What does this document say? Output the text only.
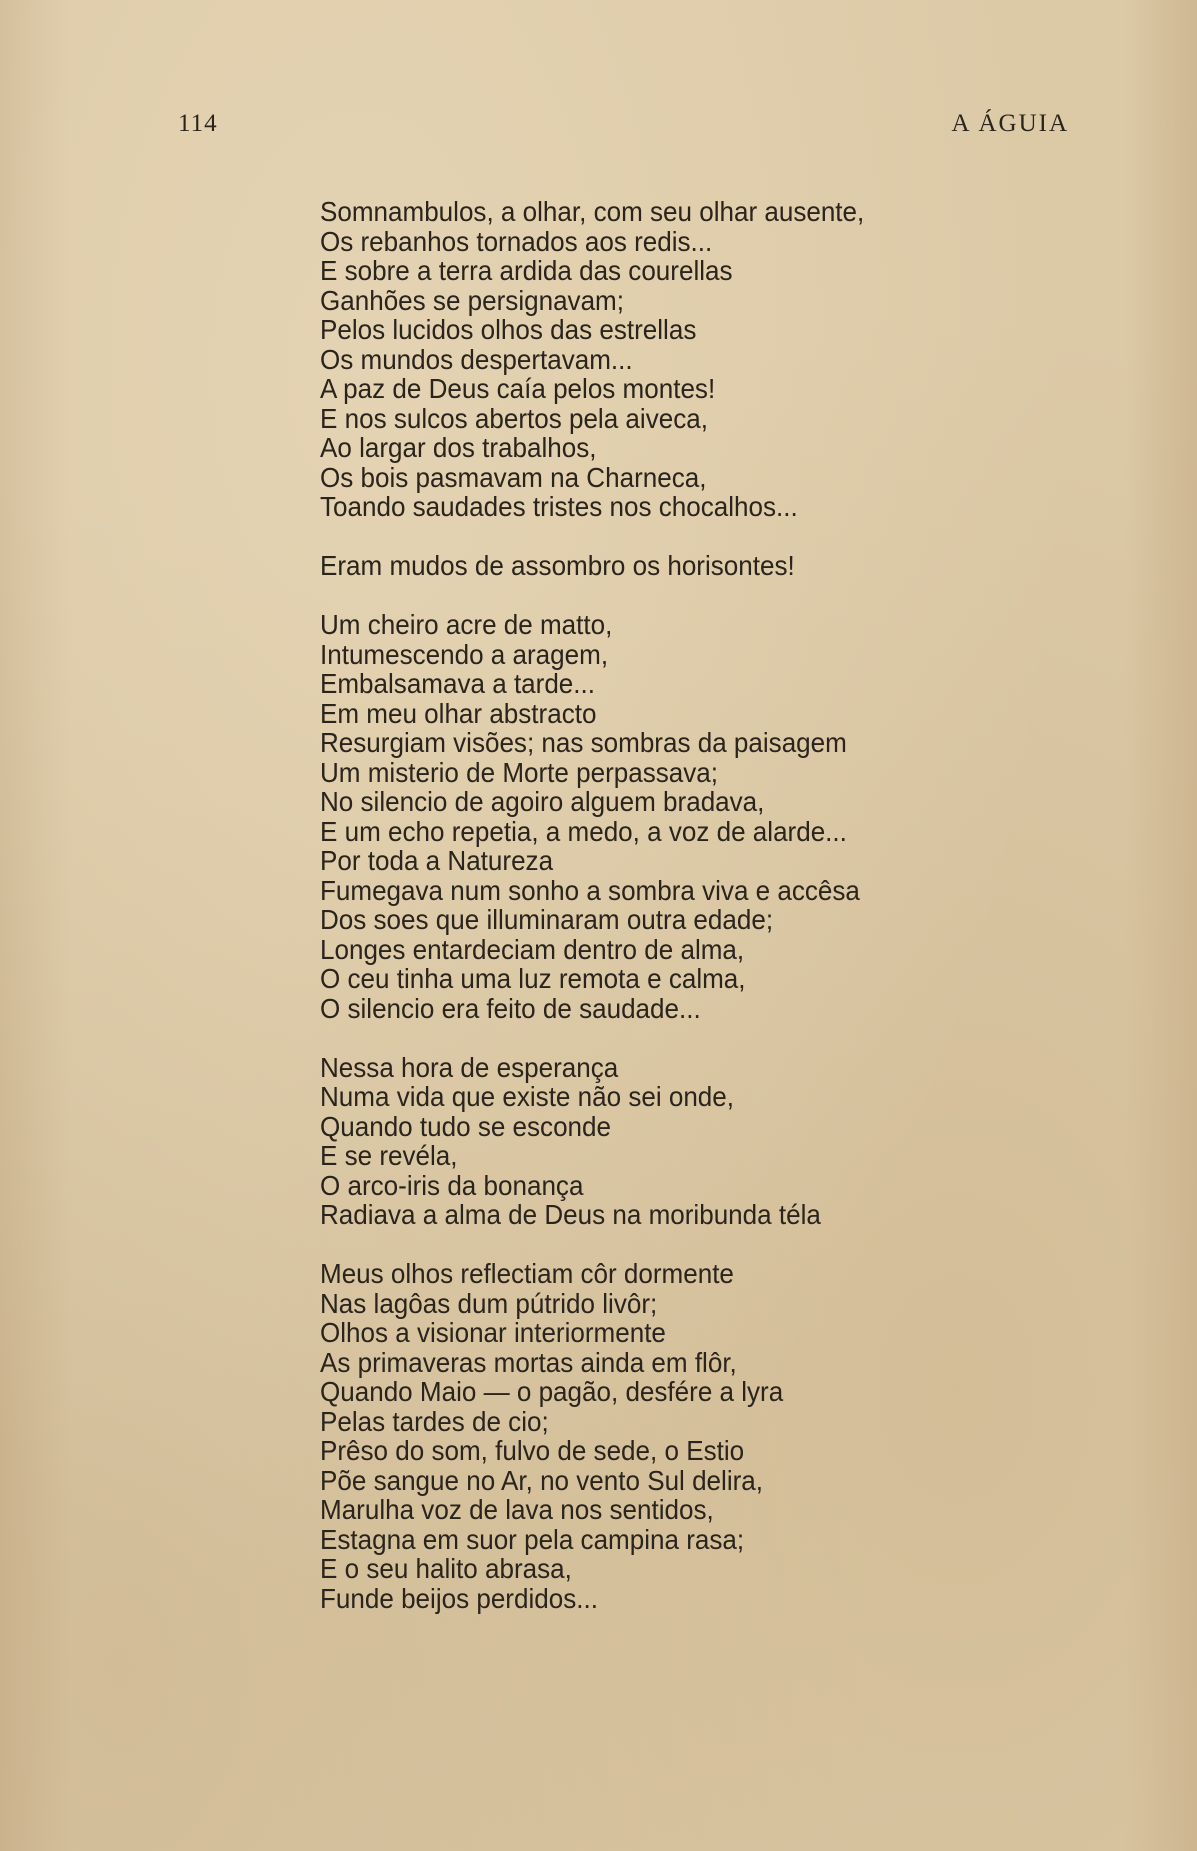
114	A ÁGUIA
Somnambulos, a olhar, com seu olhar ausente,
Os rebanhos tornados aos redis...
E sobre a terra ardida das courellas
Ganhões se persignavam;
Pelos lucidos olhos das estrellas
Os mundos despertavam...
A paz de Deus caía pelos montes!
E nos sulcos abertos pela aiveca,
Ao largar dos trabalhos,
Os bois pasmavam na Charneca,
Toando saudades tristes nos chocalhos...
Eram mudos de assombro os horisontes!
Um cheiro acre de matto,
Intumescendo a aragem,
Embalsamava a tarde...
Em meu olhar abstracto
Resurgiam visões; nas sombras da paisagem
Um misterio de Morte perpassava;
No silencio de agoiro alguem bradava,
E um echo repetia, a medo, a voz de alarde...
Por toda a Natureza
Fumegava num sonho a sombra viva e accêsa
Dos soes que illuminaram outra edade;
Longes entardeciam dentro de alma,
O ceu tinha uma luz remota e calma,
O silencio era feito de saudade...
Nessa hora de esperança
Numa vida que existe não sei onde,
Quando tudo se esconde
E se revéla,
O arco-iris da bonança
Radiava a alma de Deus na moribunda téla
Meus olhos reflectiam côr dormente
Nas lagôas dum pútrido livôr;
Olhos a visionar interiormente
As primaveras mortas ainda em flôr,
Quando Maio — o pagão, desfére a lyra
Pelas tardes de cio;
Prêso do som, fulvo de sede, o Estio
Põe sangue no Ar, no vento Sul delira,
Marulha voz de lava nos sentidos,
Estagna em suor pela campina rasa;
E o seu halito abrasa,
Funde beijos perdidos...
